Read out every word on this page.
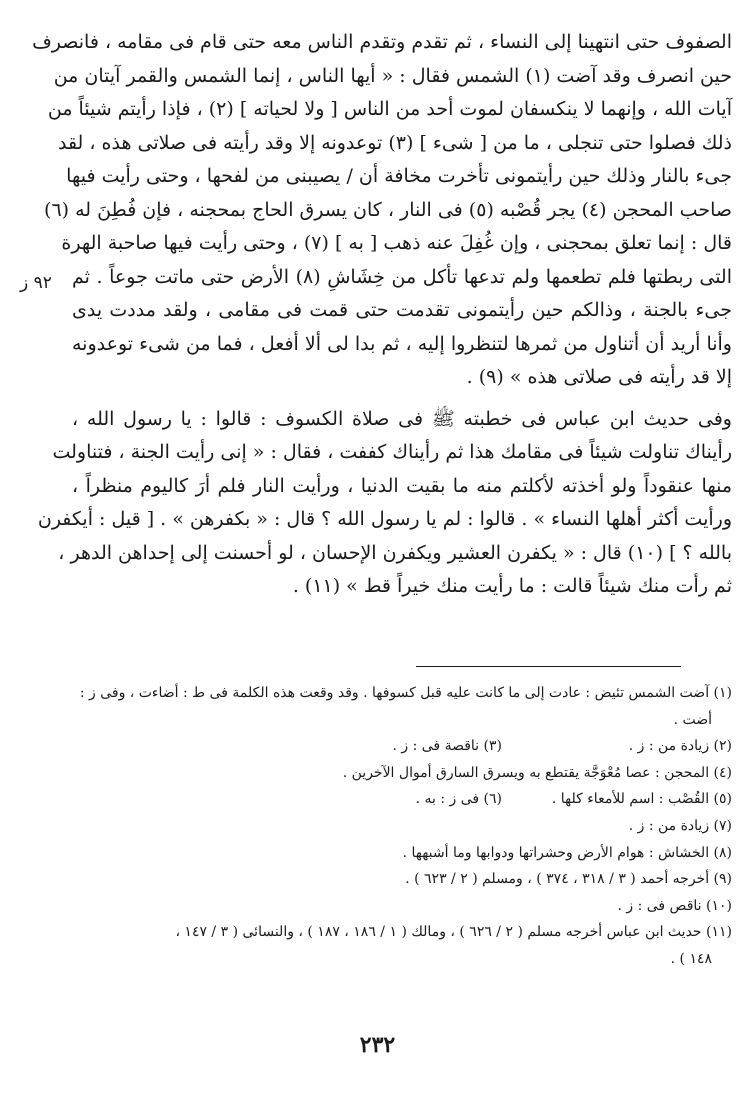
٩٢ ز
الصفوف حتى انتهينا إلى النساء ، ثم تقدم وتقدم الناس معه حتى قام فى مقامه ، فانصرف
حين انصرف وقد آضت (١) الشمس فقال : « أيها الناس ، إنما الشمس والقمر آيتان من
آيات الله ، وإنهما لا ينكسفان لموت أحد من الناس [ ولا لحياته ] (٢) ، فإذا رأيتم شيئاً من
ذلك فصلوا حتى تنجلى ، ما من [ شىء ] (٣) توعدونه إلا وقد رأيته فى صلاتى هذه ، لقد
جىء بالنار وذلك حين رأيتمونى تأخرت مخافة أن / يصيبنى من لفحها ، وحتى رأيت فيها
صاحب المحجن (٤) يجر قُصْبه (٥) فى النار ، كان يسرق الحاج بمحجنه ، فإن فُطِنَ له (٦)
قال : إنما تعلق بمحجنى ، وإن غُفِلَ عنه ذهب [ به ] (٧) ، وحتى رأيت فيها صاحبة الهرة
التى ربطتها فلم تطعمها ولم تدعها تأكل من خِشَاشِ (٨) الأرض حتى ماتت جوعاً . ثم
جىء بالجنة ، وذالكم حين رأيتمونى تقدمت حتى قمت فى مقامى ، ولقد مددت يدى
وأنا أريد أن أتناول من ثمرها لتنظروا إليه ، ثم بدا لى ألا أفعل ، فما من شىء توعدونه
إلا قد رأيته فى صلاتى هذه » (٩) .
وفى حديث ابن عباس فى خطبته ﷺ فى صلاة الكسوف : قالوا : يا رسول الله ،
رأيناك تناولت شيئاً فى مقامك هذا ثم رأيناك كففت ، فقال : « إنى رأيت الجنة ، فتناولت
منها عنقوداً ولو أخذته لأكلتم منه ما بقيت الدنيا ، ورأيت النار فلم أرَ كاليوم منظراً ،
ورأيت أكثر أهلها النساء » . قالوا : لم يا رسول الله ؟ قال : « بكفرهن » . [ قيل : أيكفرن
بالله ؟ ] (١٠) قال : « يكفرن العشير ويكفرن الإحسان ، لو أحسنت إلى إحداهن الدهر ،
ثم رأت منك شيئاً قالت : ما رأيت منك خيراً قط » (١١) .
(١) آضت الشمس تئيض : عادت إلى ما كانت عليه قبل كسوفها . وقد وقعت هذه الكلمة فى ط : أضاءت ، وفى ز :
أضت .
(٢) زيادة من : ز .
(٣) ناقصة فى : ز .
(٤) المحجن : عصا مُعْوَجَّة يقتطع به ويسرق السارق أموال الآخرين .
(٥) القُصْب : اسم للأمعاء كلها .
(٦) فى ز : به .
(٧) زيادة من : ز .
(٨) الخشاش : هوام الأرض وحشراتها ودوابها وما أشبهها .
(٩) أخرجه أحمد ( ٣ / ٣١٨ ، ٣٧٤ ) ، ومسلم ( ٢ / ٦٢٣ ) .
(١٠) ناقص فى : ز .
(١١) حديث ابن عباس أخرجه مسلم ( ٢ / ٦٢٦ ) ، ومالك ( ١ / ١٨٦ ، ١٨٧ ) ، والنسائى ( ٣ / ١٤٧ ،
١٤٨ ) .
٢٣٢
